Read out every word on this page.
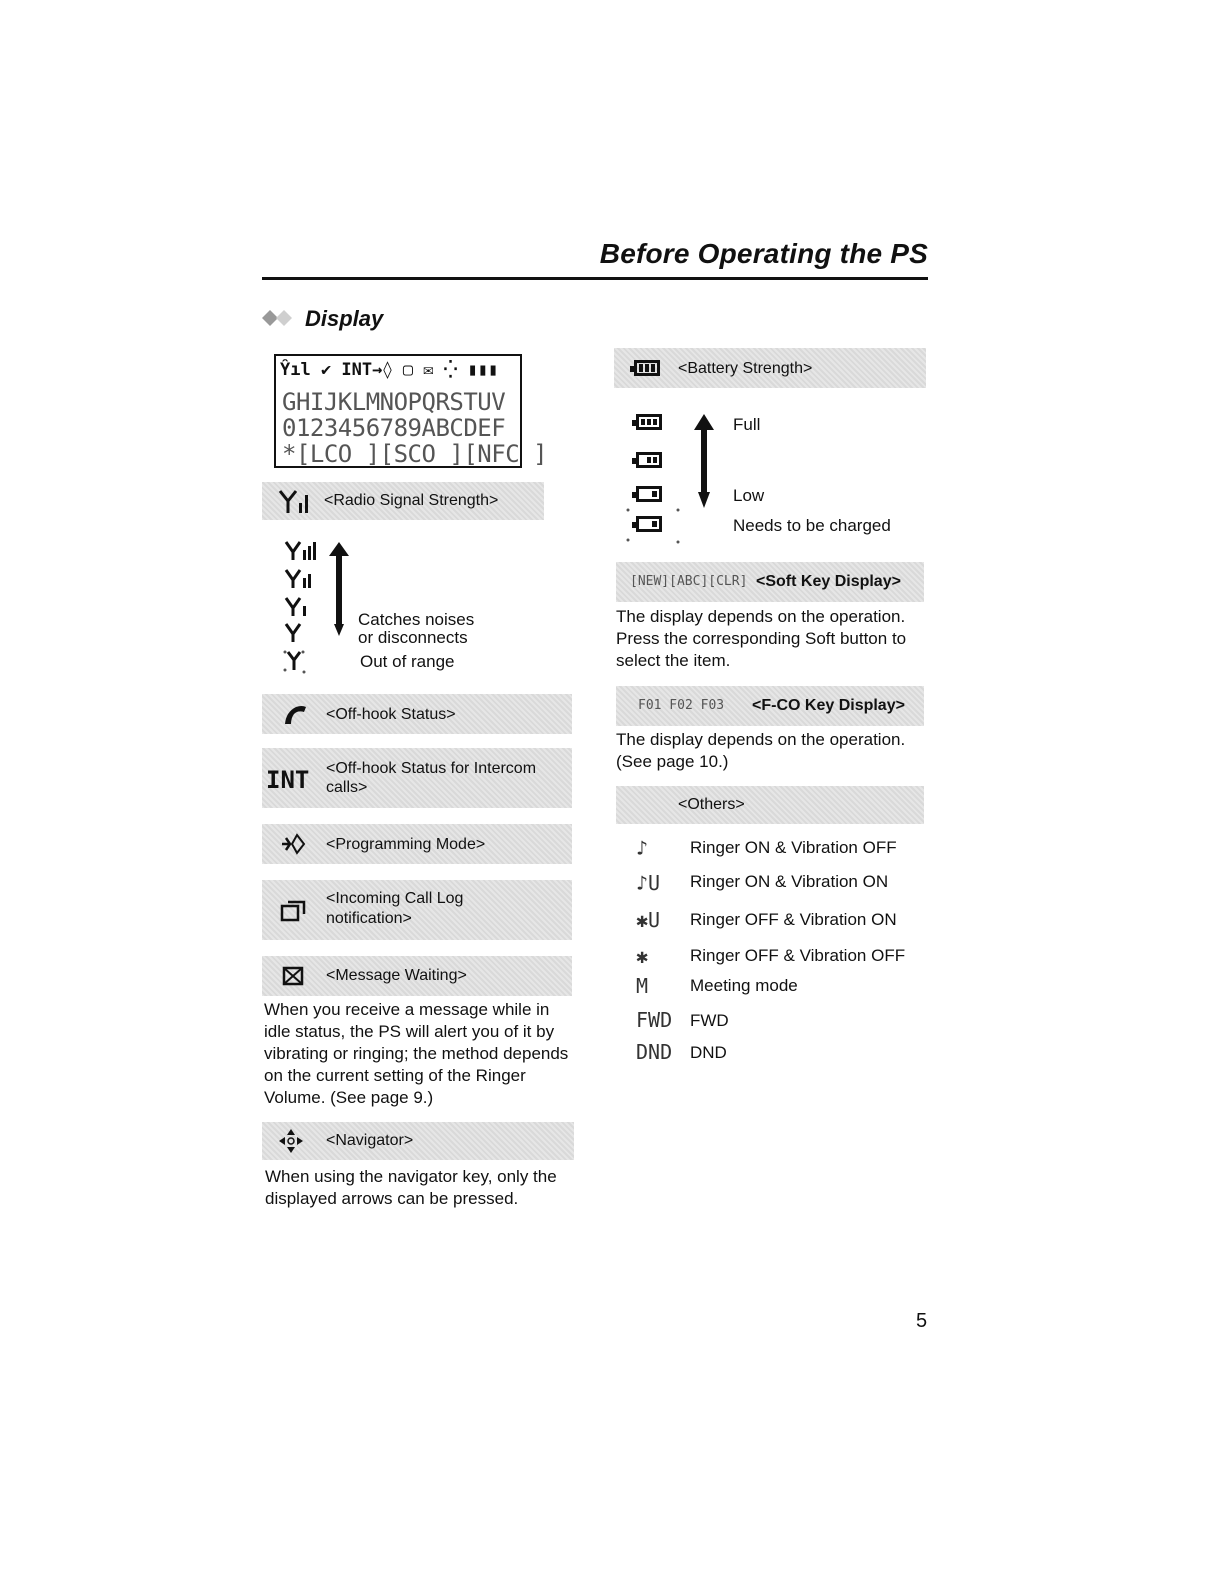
Before Operating the PS
Display
Ŷıl ✔ INT→◊ ▢ ✉ ⁛ ▮▮▮
GHIJKLMNOPQRSTUV
0123456789ABCDEF
*[LCO ][SCO ][NFC ]
<Radio Signal Strength>
Catches noises
or disconnects
Out of range
<Off-hook Status>
INT <Off-hook Status for Intercom
calls>
<Programming Mode>
<Incoming Call Log
notification>
<Message Waiting>
When you receive a message while in
idle status, the PS will alert you of it by
vibrating or ringing; the method depends
on the current setting of the Ringer
Volume. (See page 9.)
<Navigator>
When using the navigator key, only the
displayed arrows can be pressed.
<Battery Strength>
Full
Low
Needs to be charged
[NEW][ABC][CLR] <Soft Key Display>
The display depends on the operation.
Press the corresponding Soft button to
select the item.
F01 F02 F03 <F-CO Key Display>
The display depends on the operation.
(See page 10.)
<Others>
♪ Ringer ON & Vibration OFF
♪U Ringer ON & Vibration ON
✱U Ringer OFF & Vibration ON
✱ Ringer OFF & Vibration OFF
M Meeting mode
FWD FWD
DND DND
5
